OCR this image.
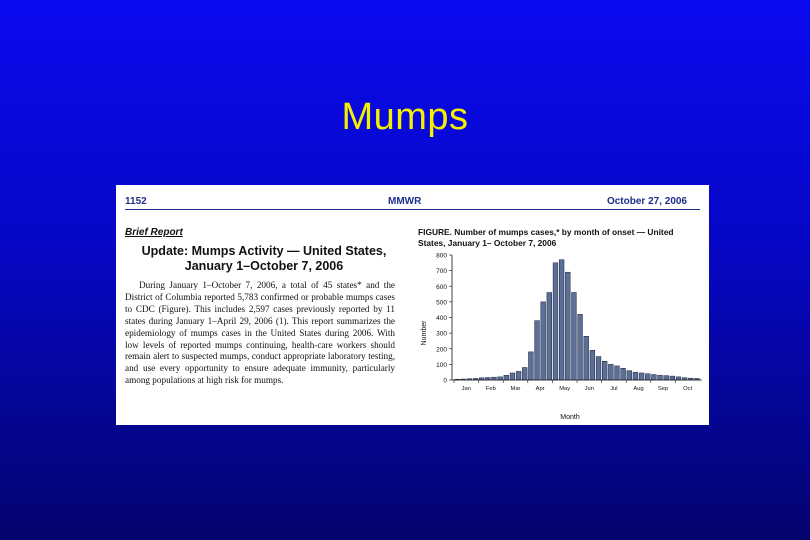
Mumps
1152	MMWR	October 27, 2006
Brief Report
Update: Mumps Activity — United States, January 1–October 7, 2006
During January 1–October 7, 2006, a total of 45 states* and the District of Columbia reported 5,783 confirmed or probable mumps cases to CDC (Figure). This includes 2,597 cases previously reported by 11 states during January 1–April 29, 2006 (1). This report summarizes the epidemiology of mumps cases in the United States during 2006. With low levels of reported mumps continuing, health-care workers should remain alert to suspected mumps, conduct appropriate laboratory testing, and use every opportunity to ensure adequate immunity, particularly among populations at high risk for mumps.
FIGURE. Number of mumps cases,* by month of onset — United States, January 1– October 7, 2006
0
100
200
300
400
500
600
700
800
Jan	Feb	Mar	Apr	May Jun	Jul	Aug Sep	Oct
Number
Month
